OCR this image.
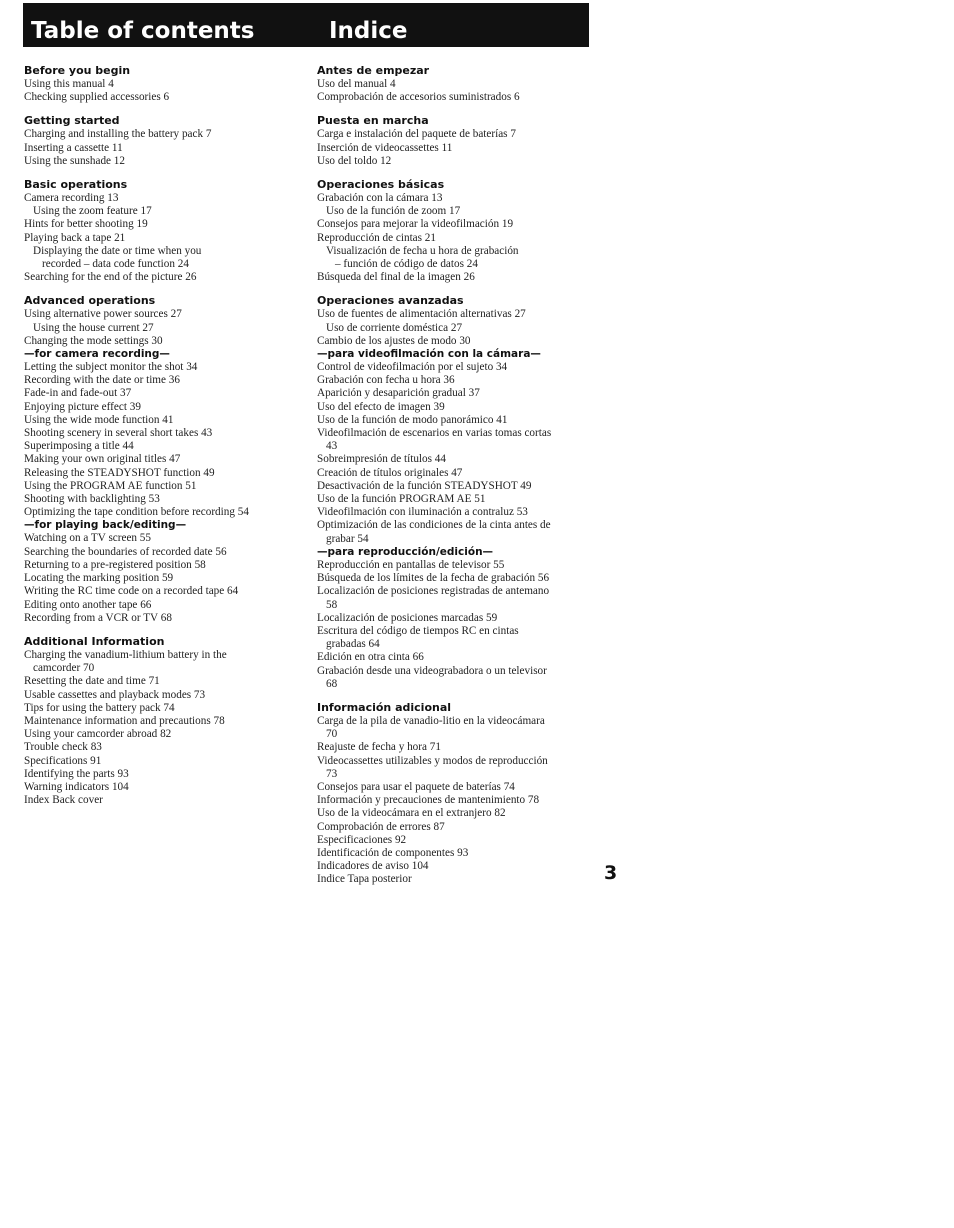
Table of contents	Indice
Before you begin
Using this manual 4
Checking supplied accessories 6
Getting started
Charging and installing the battery pack 7
Inserting a cassette 11
Using the sunshade 12
Basic operations
Camera recording 13
Using the zoom feature 17
Hints for better shooting 19
Playing back a tape 21
Displaying the date or time when you
recorded – data code function 24
Searching for the end of the picture 26
Advanced operations
Using alternative power sources 27
Using the house current 27
Changing the mode settings 30
—for camera recording—
Letting the subject monitor the shot 34
Recording with the date or time 36
Fade-in and fade-out 37
Enjoying picture effect 39
Using the wide mode function 41
Shooting scenery in several short takes 43
Superimposing a title 44
Making your own original titles 47
Releasing the STEADYSHOT function 49
Using the PROGRAM AE function 51
Shooting with backlighting 53
Optimizing the tape condition before recording 54
—for playing back/editing—
Watching on a TV screen 55
Searching the boundaries of recorded date 56
Returning to a pre-registered position 58
Locating the marking position 59
Writing the RC time code on a recorded tape 64
Editing onto another tape 66
Recording from a VCR or TV 68
Additional Information
Charging the vanadium-lithium battery in the
camcorder 70
Resetting the date and time 71
Usable cassettes and playback modes 73
Tips for using the battery pack 74
Maintenance information and precautions 78
Using your camcorder abroad 82
Trouble check 83
Specifications 91
Identifying the parts 93
Warning indicators 104
Index Back cover
Antes de empezar
Uso del manual 4
Comprobación de accesorios suministrados 6
Puesta en marcha
Carga e instalación del paquete de baterías 7
Inserción de videocassettes 11
Uso del toldo 12
Operaciones básicas
Grabación con la cámara 13
Uso de la función de zoom 17
Consejos para mejorar la videofilmación 19
Reproducción de cintas 21
Visualización de fecha u hora de grabación
– función de código de datos 24
Búsqueda del final de la imagen 26
Operaciones avanzadas
Uso de fuentes de alimentación alternativas 27
Uso de corriente doméstica 27
Cambio de los ajustes de modo 30
—para videofilmación con la cámara—
Control de videofilmación por el sujeto 34
Grabación con fecha u hora 36
Aparición y desaparición gradual 37
Uso del efecto de imagen 39
Uso de la función de modo panorámico 41
Videofilmación de escenarios en varias tomas cortas
43
Sobreimpresión de títulos 44
Creación de títulos originales 47
Desactivación de la función STEADYSHOT 49
Uso de la función PROGRAM AE 51
Videofilmación con iluminación a contraluz 53
Optimización de las condiciones de la cinta antes de
grabar 54
—para reproducción/edición—
Reproducción en pantallas de televisor 55
Búsqueda de los límites de la fecha de grabación 56
Localización de posiciones registradas de antemano
58
Localización de posiciones marcadas 59
Escritura del código de tiempos RC en cintas
grabadas 64
Edición en otra cinta 66
Grabación desde una videograbadora o un televisor
68
Información adicional
Carga de la pila de vanadio-litio en la videocámara
70
Reajuste de fecha y hora 71
Videocassettes utilizables y modos de reproducción
73
Consejos para usar el paquete de baterías 74
Información y precauciones de mantenimiento 78
Uso de la videocámara en el extranjero 82
Comprobación de errores 87
Especificaciones 92
Identificación de componentes 93
Indicadores de aviso 104
Indice Tapa posterior	3
